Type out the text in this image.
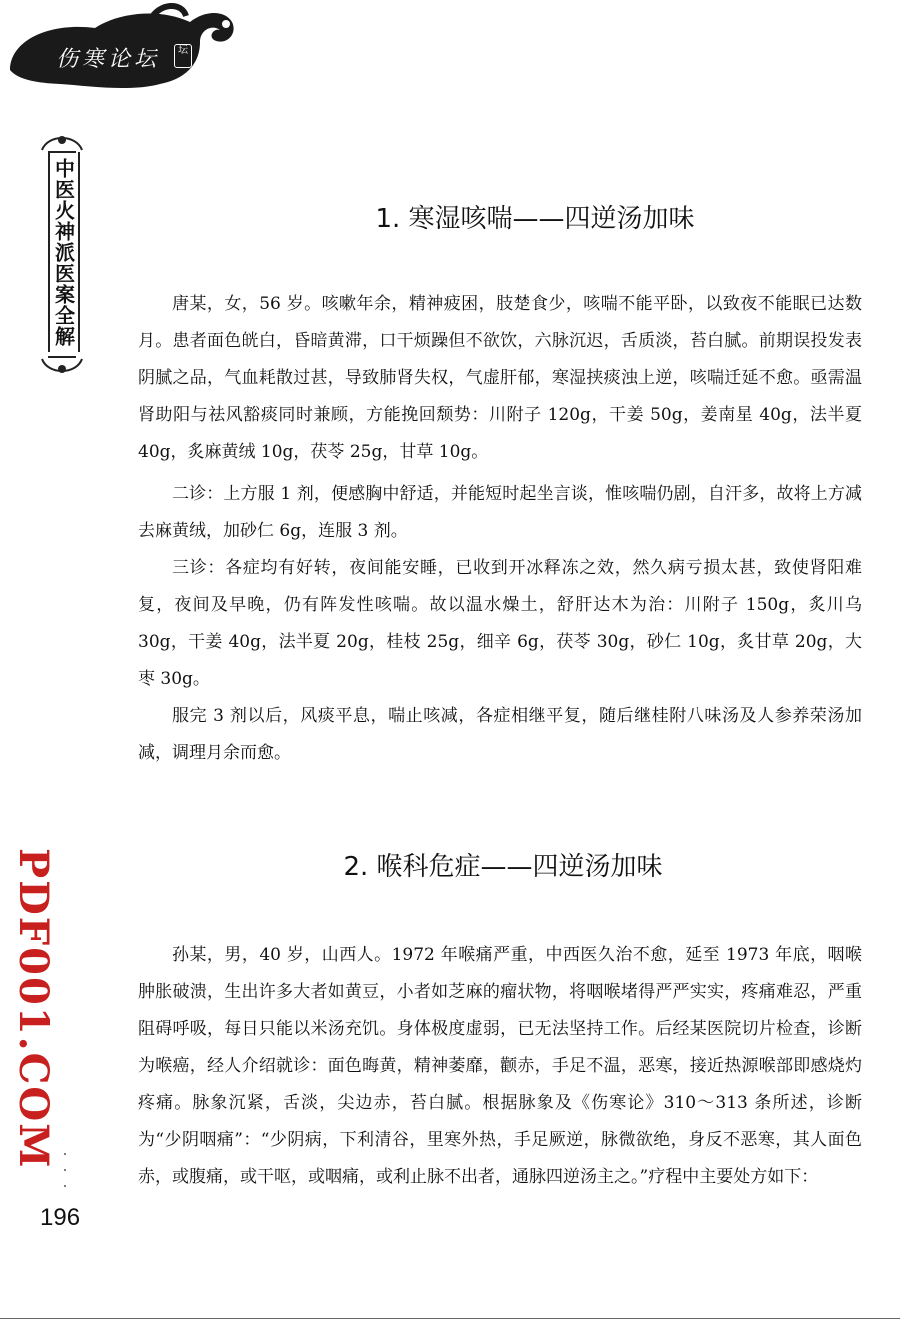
伤寒论坛	坛
中医火神派医案全解
PDF001.COM
1. 寒湿咳喘——四逆汤加味

唐某，女，56 岁。咳嗽年余，精神疲困，肢楚食少，咳喘不能平卧，以致夜不能眠已达数月。患者面色㿠白，昏暗黄滞，口干烦躁但不欲饮，六脉沉迟，舌质淡，苔白腻。前期误投发表阴腻之品，气血耗散过甚，导致肺肾失权，气虚肝郁，寒湿挟痰浊上逆，咳喘迁延不愈。亟需温肾助阳与祛风豁痰同时兼顾，方能挽回颓势：川附子 120g，干姜 50g，姜南星 40g，法半夏 40g，炙麻黄绒 10g，茯苓 25g，甘草 10g。

二诊：上方服 1 剂，便感胸中舒适，并能短时起坐言谈，惟咳喘仍剧，自汗多，故将上方减去麻黄绒，加砂仁 6g，连服 3 剂。

三诊：各症均有好转，夜间能安睡，已收到开冰释冻之效，然久病亏损太甚，致使肾阳难复，夜间及早晚，仍有阵发性咳喘。故以温水燥土，舒肝达木为治：川附子 150g，炙川乌 30g，干姜 40g，法半夏 20g，桂枝 25g，细辛 6g，茯苓 30g，砂仁 10g，炙甘草 20g，大枣 30g。

服完 3 剂以后，风痰平息，喘止咳减，各症相继平复，随后继桂附八味汤及人参养荣汤加减，调理月余而愈。

2. 喉科危症——四逆汤加味

孙某，男，40 岁，山西人。1972 年喉痛严重，中西医久治不愈，延至 1973 年底，咽喉肿胀破溃，生出许多大者如黄豆，小者如芝麻的瘤状物，将咽喉堵得严严实实，疼痛难忍，严重阻碍呼吸，每日只能以米汤充饥。身体极度虚弱，已无法坚持工作。后经某医院切片检查，诊断为喉癌，经人介绍就诊：面色晦黄，精神萎靡，颧赤，手足不温，恶寒，接近热源喉部即感烧灼疼痛。脉象沉紧，舌淡，尖边赤，苔白腻。根据脉象及《伤寒论》310～313 条所述，诊断为“少阴咽痛”：“少阴病，下利清谷，里寒外热，手足厥逆，脉微欲绝，身反不恶寒，其人面色赤，或腹痛，或干呕，或咽痛，或利止脉不出者，通脉四逆汤主之。”疗程中主要处方如下：

196
